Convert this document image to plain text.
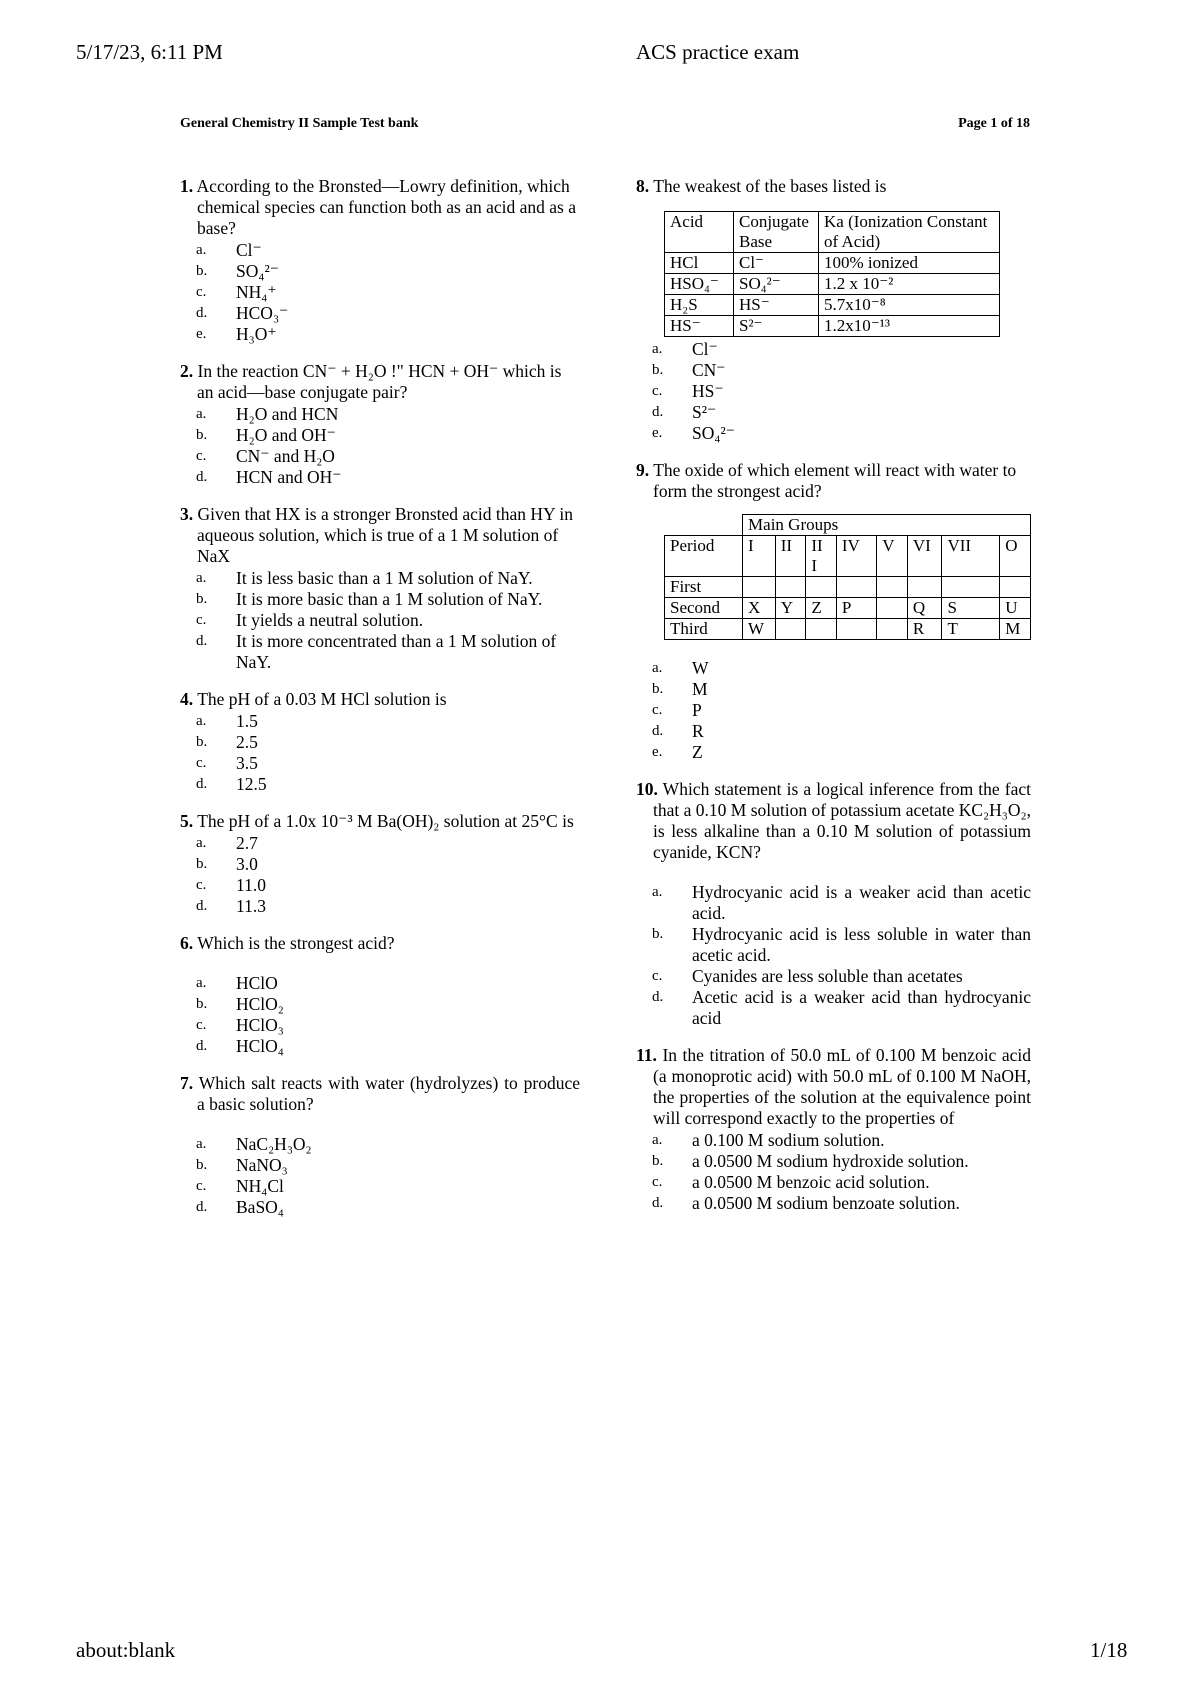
5/17/23, 6:11 PM	ACS practice exam
General Chemistry II Sample Test bank	Page 1 of 18
1. According to the Bronsted—Lowry definition, which chemical species can function both as an acid and as a base?
a.	Cl⁻
b.	SO₄²⁻
c.	NH₄⁺
d.	HCO₃⁻
e.	H₃O⁺
2. In the reaction CN⁻ + H₂O !" HCN + OH⁻ which is an acid—base conjugate pair?
a.	H₂O and HCN
b.	H₂O and OH⁻
c.	CN⁻ and H₂O
d.	HCN and OH⁻
3. Given that HX is a stronger Bronsted acid than HY in aqueous solution, which is true of a 1 M solution of NaX
a.	It is less basic than a 1 M solution of NaY.
b.	It is more basic than a 1 M solution of NaY.
c.	It yields a neutral solution.
d.	It is more concentrated than a 1 M solution of NaY.
4. The pH of a 0.03 M HCl solution is
a.	1.5
b.	2.5
c.	3.5
d.	12.5
5. The pH of a 1.0x 10⁻³ M Ba(OH)₂ solution at 25°C is
a.	2.7
b.	3.0
c.	11.0
d.	11.3
6. Which is the strongest acid?
a.	HClO
b.	HClO₂
c.	HClO₃
d.	HClO₄
7. Which salt reacts with water (hydrolyzes) to produce a basic solution?
a.	NaC₂H₃O₂
b.	NaNO₃
c.	NH₄Cl
d.	BaSO₄
8. The weakest of the bases listed is
Acid	Conjugate Base	Ka (Ionization Constant of Acid)
HCl	Cl⁻	100% ionized
HSO₄⁻	SO₄²⁻	1.2 x 10⁻²
H₂S	HS⁻	5.7x10⁻⁸
HS⁻	S²⁻	1.2x10⁻¹³
a.	Cl⁻
b.	CN⁻
c.	HS⁻
d.	S²⁻
e.	SO₄²⁻
9. The oxide of which element will react with water to form the strongest acid?
	Main Groups							
Period	I	II	II I	IV	V	VI	VII	O
First								
Second	X	Y	Z	P		Q	S	U
Third	W					R	T	M
a.	W
b.	M
c.	P
d.	R
e.	Z
10. Which statement is a logical inference from the fact that a 0.10 M solution of potassium acetate KC₂H₃O₂, is less alkaline than a 0.10 M solution of potassium cyanide, KCN?
a.	Hydrocyanic acid is a weaker acid than acetic acid.
b.	Hydrocyanic acid is less soluble in water than acetic acid.
c.	Cyanides are less soluble than acetates
d.	Acetic acid is a weaker acid than hydrocyanic acid
11. In the titration of 50.0 mL of 0.100 M benzoic acid (a monoprotic acid) with 50.0 mL of 0.100 M NaOH, the properties of the solution at the equivalence point will correspond exactly to the properties of
a.	a 0.100 M sodium solution.
b.	a 0.0500 M sodium hydroxide solution.
c.	a 0.0500 M benzoic acid solution.
d.	a 0.0500 M sodium benzoate solution.
about:blank	1/18
